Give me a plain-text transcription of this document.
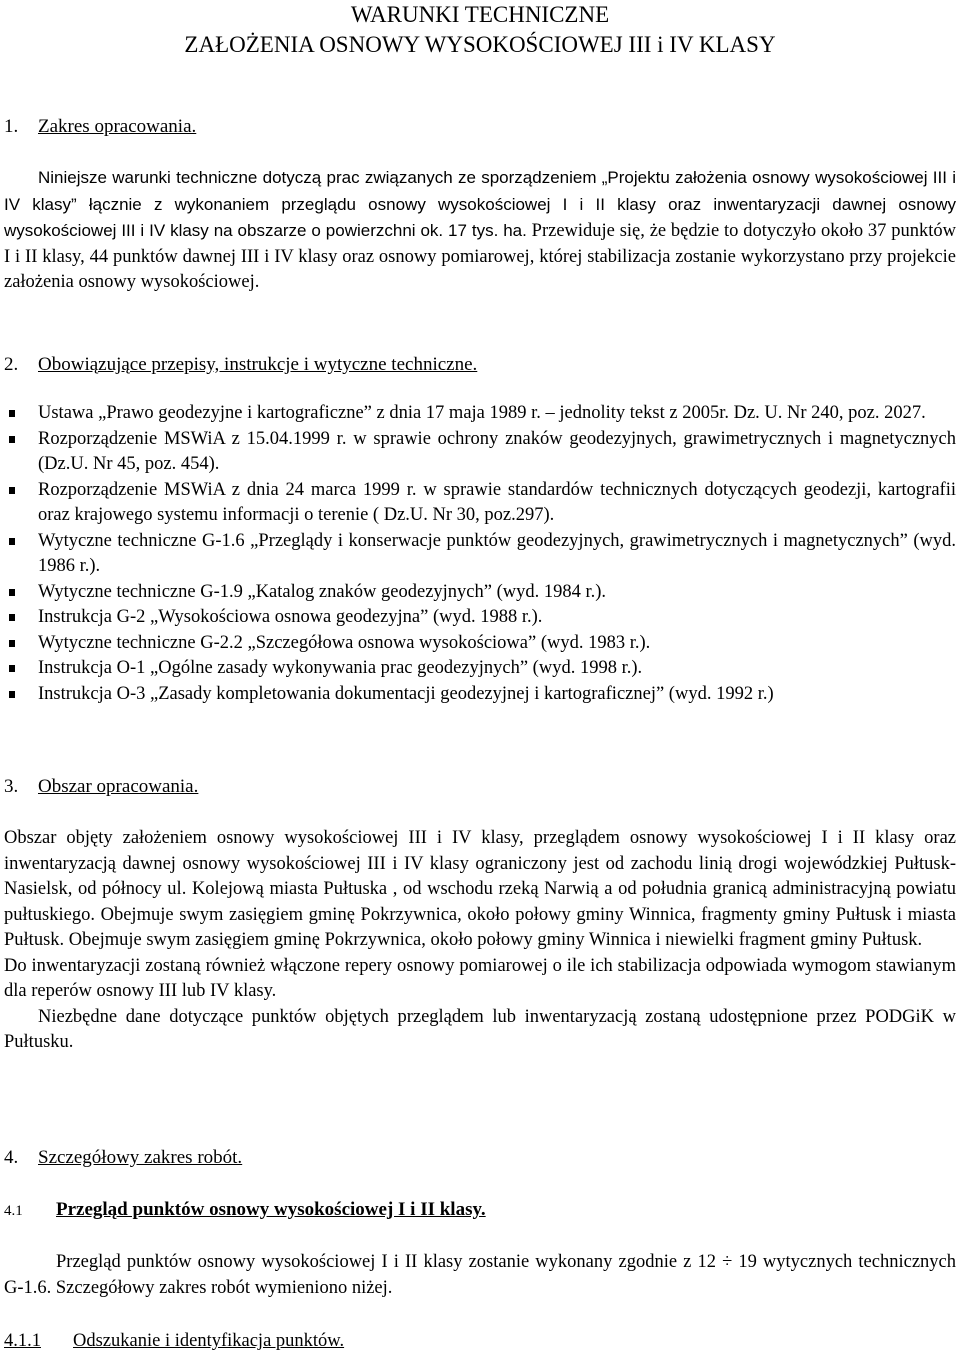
WARUNKI TECHNICZNE

ZAŁOŻENIA OSNOWY WYSOKOŚCIOWEJ III i IV KLASY

1. Zakres opracowania.

Niniejsze warunki techniczne dotyczą prac związanych ze sporządzeniem „Projektu założenia osnowy wysokościowej III i IV klasy” łącznie z wykonaniem przeglądu osnowy wysokościowej I i II klasy oraz inwentaryzacji dawnej osnowy wysokościowej III i IV klasy na obszarze o powierzchni ok. 17 tys. ha. Przewiduje się, że będzie to dotyczyło około 37 punktów I i II klasy, 44 punktów dawnej III i IV klasy oraz osnowy pomiarowej, której stabilizacja zostanie wykorzystano przy projekcie założenia osnowy wysokościowej.

2. Obowiązujące przepisy, instrukcje i wytyczne techniczne.

Ustawa „Prawo geodezyjne i kartograficzne” z dnia 17 maja 1989 r. – jednolity tekst z 2005r. Dz. U. Nr 240, poz. 2027.
Rozporządzenie MSWiA z 15.04.1999 r. w sprawie ochrony znaków geodezyjnych, grawimetrycznych i magnetycznych (Dz.U. Nr 45, poz. 454).
Rozporządzenie MSWiA z dnia 24 marca 1999 r. w sprawie standardów technicznych dotyczących geodezji, kartografii oraz krajowego systemu informacji o terenie ( Dz.U. Nr 30, poz.297).
Wytyczne techniczne G-1.6 „Przeglądy i konserwacje punktów geodezyjnych, grawimetrycznych i magnetycznych” (wyd. 1986 r.).
Wytyczne techniczne G-1.9 „Katalog znaków geodezyjnych” (wyd. 1984 r.).
Instrukcja G-2 „Wysokościowa osnowa geodezyjna” (wyd. 1988 r.).
Wytyczne techniczne G-2.2 „Szczegółowa osnowa wysokościowa” (wyd. 1983 r.).
Instrukcja O-1 „Ogólne zasady wykonywania prac geodezyjnych” (wyd. 1998 r.).
Instrukcja O-3 „Zasady kompletowania dokumentacji geodezyjnej i kartograficznej” (wyd. 1992 r.)

3. Obszar opracowania.

Obszar objęty założeniem osnowy wysokościowej III i IV klasy, przeglądem osnowy wysokościowej I i II klasy oraz inwentaryzacją dawnej osnowy wysokościowej III i IV klasy ograniczony jest od zachodu linią drogi wojewódzkiej Pułtusk-Nasielsk, od północy ul. Kolejową miasta Pułtuska , od wschodu rzeką Narwią a od południa granicą administracyjną powiatu pułtuskiego. Obejmuje swym zasięgiem gminę Pokrzywnica, około połowy gminy Winnica, fragmenty gminy Pułtusk i miasta Pułtusk. Obejmuje swym zasięgiem gminę Pokrzywnica, około połowy gminy Winnica i niewielki fragment gminy Pułtusk.

Do inwentaryzacji zostaną również włączone repery osnowy pomiarowej o ile ich stabilizacja odpowiada wymogom stawianym dla reperów osnowy III lub IV klasy.

Niezbędne dane dotyczące punktów objętych przeglądem lub inwentaryzacją zostaną udostępnione przez PODGiK w Pułtusku.

4. Szczegółowy zakres robót.

4.1 Przegląd punktów osnowy wysokościowej I i II klasy.

Przegląd punktów osnowy wysokościowej I i II klasy zostanie wykonany zgodnie z 12 ÷ 19 wytycznych technicznych G-1.6. Szczegółowy zakres robót wymieniono niżej.

4.1.1 Odszukanie i identyfikacja punktów.
